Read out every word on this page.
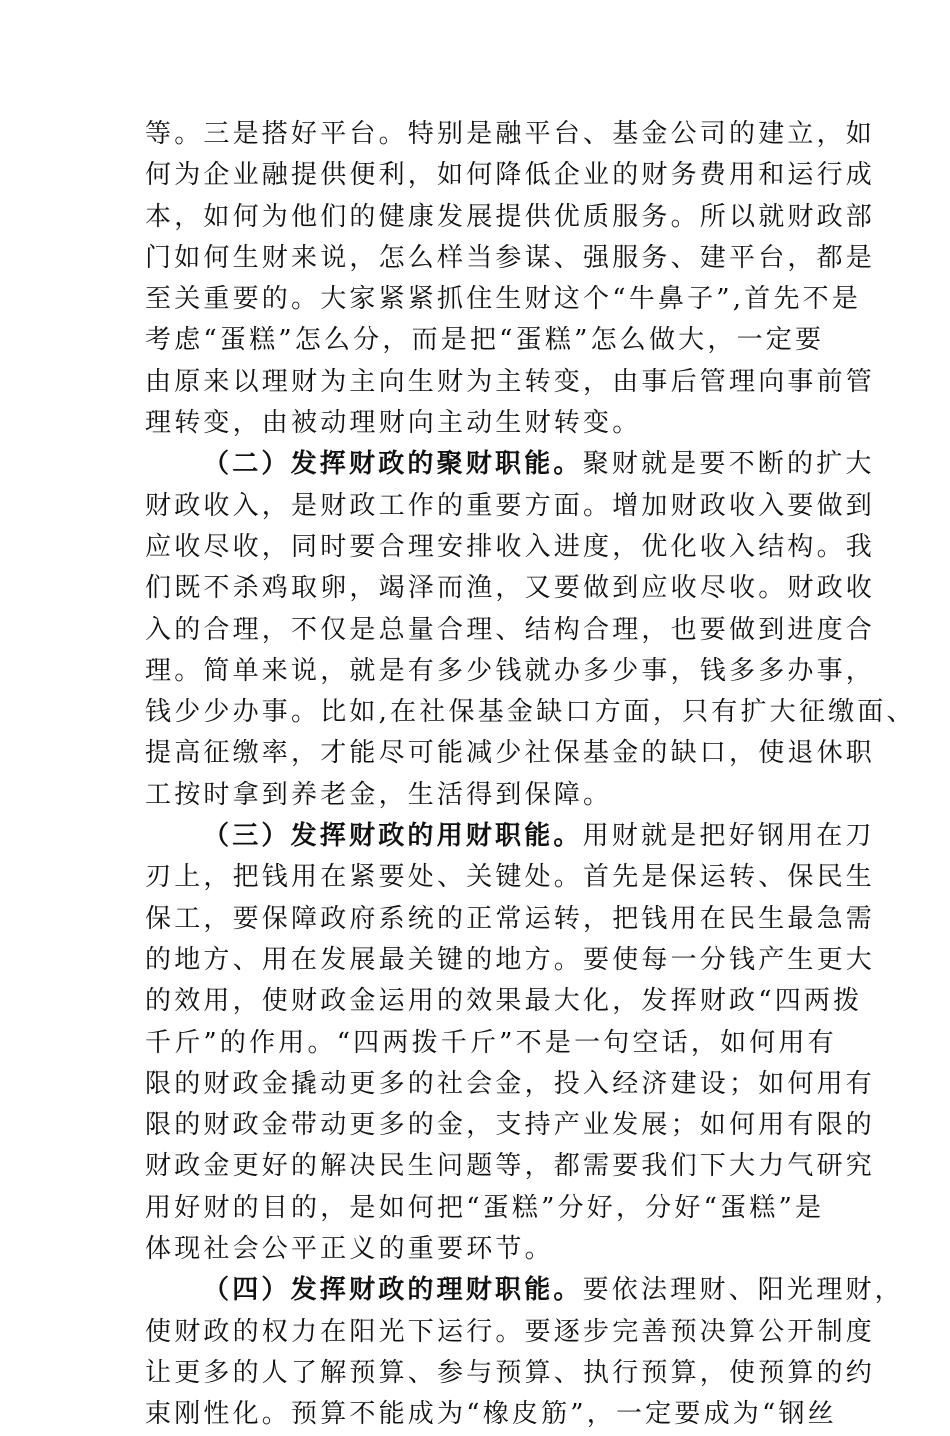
等。三是搭好平台。特别是融平台、基金公司的建立，如
何为企业融提供便利，如何降低企业的财务费用和运行成
本，如何为他们的健康发展提供优质服务。所以就财政部
门如何生财来说，怎么样当参谋、强服务、建平台，都是
至关重要的。大家紧紧抓住生财这个“牛鼻子”,首先不是
考虑“蛋糕”怎么分，而是把“蛋糕”怎么做大，一定要
由原来以理财为主向生财为主转变，由事后管理向事前管
理转变，由被动理财向主动生财转变。
（二）发挥财政的聚财职能。聚财就是要不断的扩大
财政收入，是财政工作的重要方面。增加财政收入要做到
应收尽收，同时要合理安排收入进度，优化收入结构。我
们既不杀鸡取卵，竭泽而渔，又要做到应收尽收。财政收
入的合理，不仅是总量合理、结构合理，也要做到进度合
理。简单来说，就是有多少钱就办多少事，钱多多办事，
钱少少办事。比如,在社保基金缺口方面，只有扩大征缴面、
提高征缴率，才能尽可能减少社保基金的缺口，使退休职
工按时拿到养老金，生活得到保障。
（三）发挥财政的用财职能。用财就是把好钢用在刀
刃上，把钱用在紧要处、关键处。首先是保运转、保民生
保工，要保障政府系统的正常运转，把钱用在民生最急需
的地方、用在发展最关键的地方。要使每一分钱产生更大
的效用，使财政金运用的效果最大化，发挥财政“四两拨
千斤”的作用。“四两拨千斤”不是一句空话，如何用有
限的财政金撬动更多的社会金，投入经济建设；如何用有
限的财政金带动更多的金，支持产业发展；如何用有限的
财政金更好的解决民生问题等，都需要我们下大力气研究
用好财的目的，是如何把“蛋糕”分好，分好“蛋糕”是
体现社会公平正义的重要环节。
（四）发挥财政的理财职能。要依法理财、阳光理财，
使财政的权力在阳光下运行。要逐步完善预决算公开制度
让更多的人了解预算、参与预算、执行预算，使预算的约
束刚性化。预算不能成为“橡皮筋”，一定要成为“钢丝
